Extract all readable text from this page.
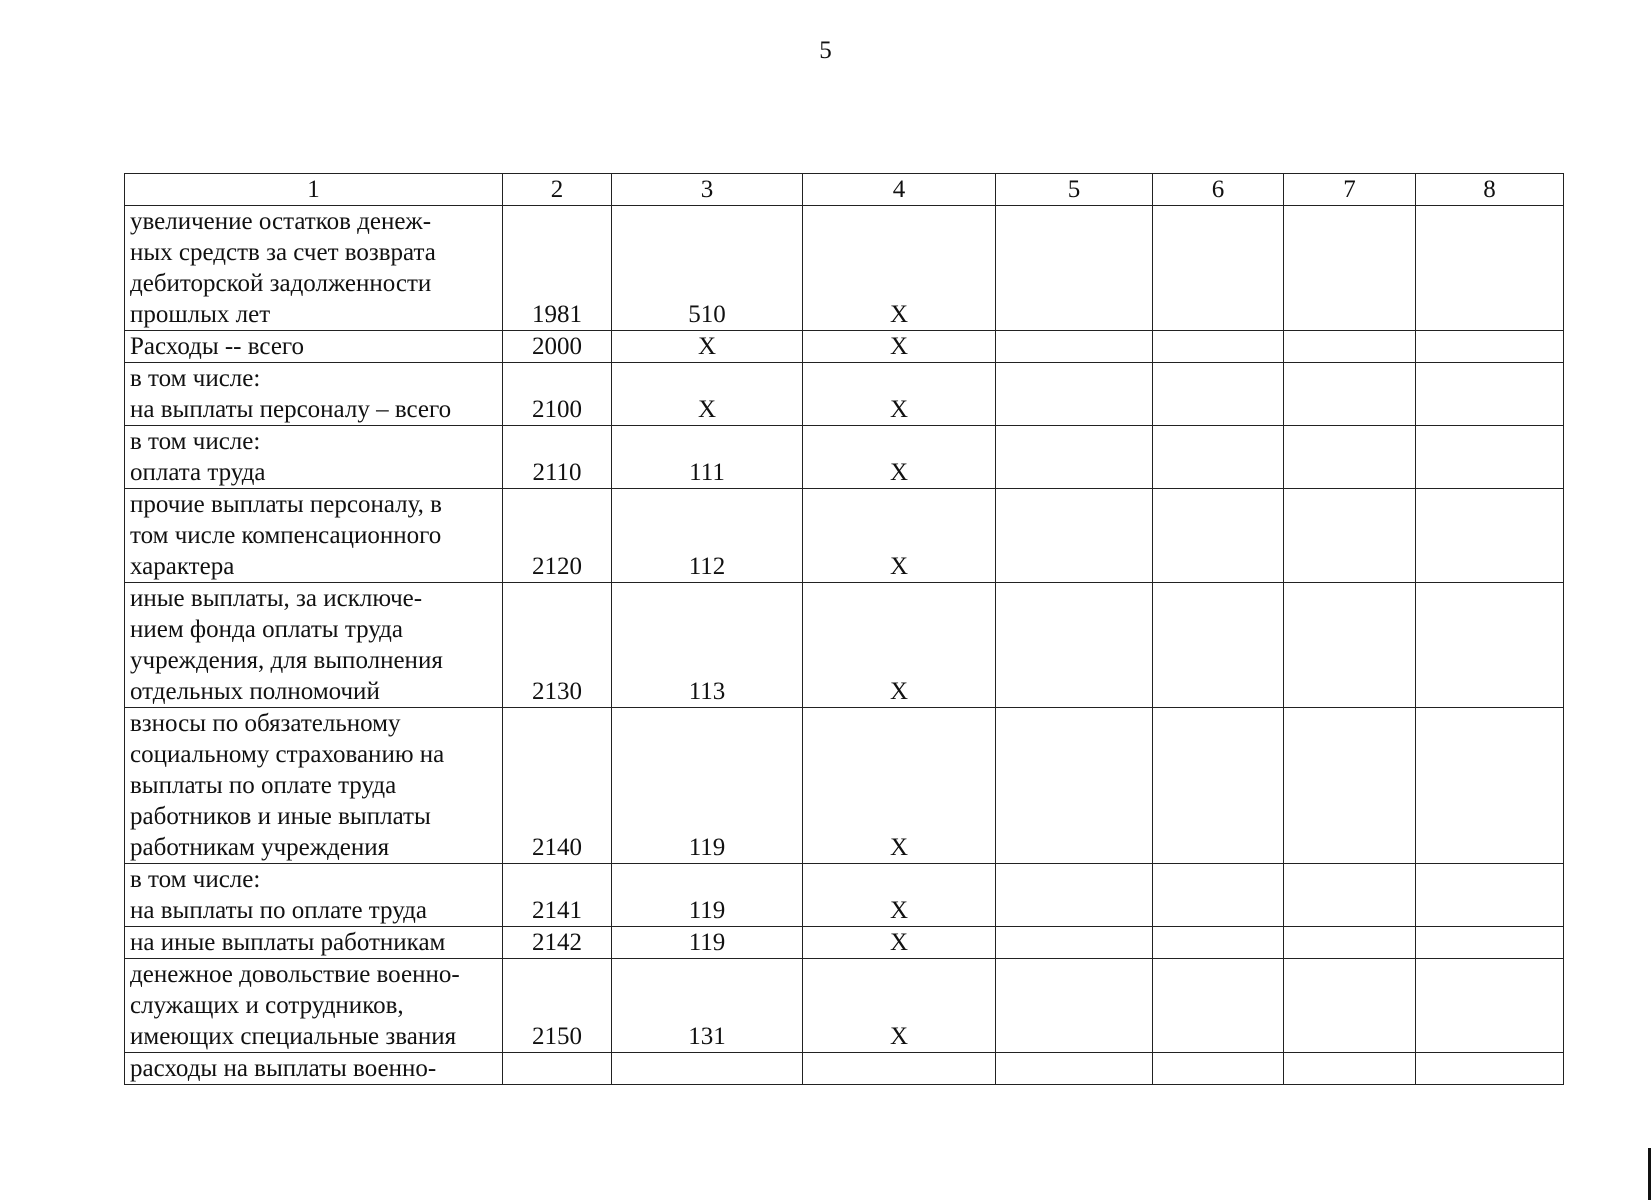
5
1	2	3	4	5	6	7	8

увеличение остатков денеж-
ных средств за счет возврата
дебиторской задолженности
прошлых лет	1981	510	X				

Расходы -- всего	2000	X	X				

в том числе:
на выплаты персоналу – всего	2100	X	X				

в том числе:
оплата труда	2110	111	X				

прочие выплаты персоналу, в
том числе компенсационного
характера	2120	112	X				

иные выплаты, за исключе-
нием фонда оплаты труда
учреждения, для выполнения
отдельных полномочий	2130	113	X				

взносы по обязательному
социальному страхованию на
выплаты по оплате труда
работников и иные выплаты
работникам учреждения	2140	119	X				

в том числе:
на выплаты по оплате труда	2141	119	X				

на иные выплаты работникам	2142	119	X				

денежное довольствие военно-
служащих и сотрудников,
имеющих специальные звания	2150	131	X				

расходы на выплаты военно-							
